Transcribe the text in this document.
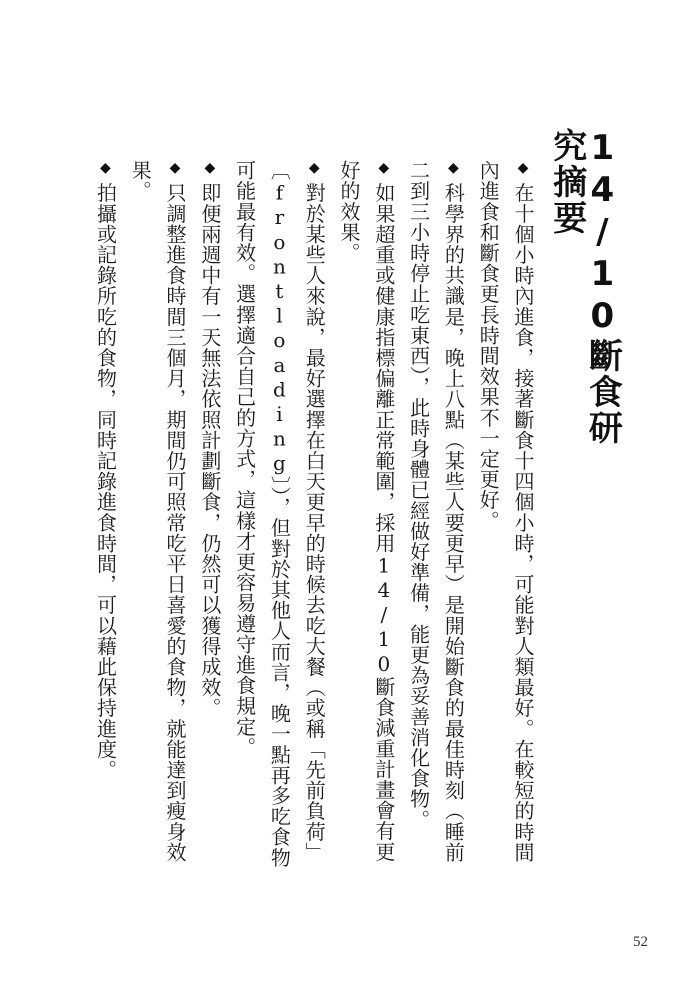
14/10斷食研究摘要

◆在十個小時內進食，接著斷食十四個小時，可能對人類最好。在較短的時間內進食和斷食更長時間效果不一定更好。

◆科學界的共識是，晚上八點（某些人要更早）是開始斷食的最佳時刻（睡前二到三小時停止吃東西），此時身體已經做好準備，能更為妥善消化食物。

◆如果超重或健康指標偏離正常範圍，採用14/10斷食減重計畫會有更好的效果。

◆對於某些人來說，最好選擇在白天更早的時候去吃大餐（或稱「先前負荷」〔frontloading〕），但對於其他人而言，晚一點再多吃食物可能最有效。選擇適合自己的方式，這樣才更容易遵守進食規定。

◆即便兩週中有一天無法依照計劃斷食，仍然可以獲得成效。

◆只調整進食時間三個月，期間仍可照常吃平日喜愛的食物，就能達到瘦身效果。

◆拍攝或記錄所吃的食物，同時記錄進食時間，可以藉此保持進度。

52
